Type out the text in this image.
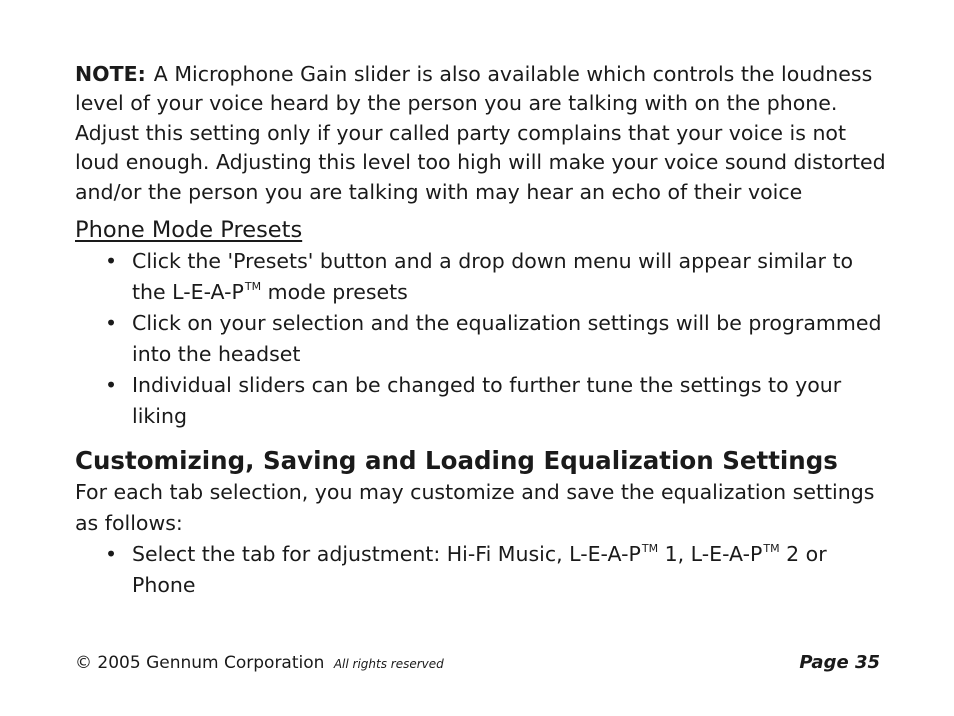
NOTE: A Microphone Gain slider is also available which controls the loudness level of your voice heard by the person you are talking with on the phone. Adjust this setting only if your called party complains that your voice is not loud enough. Adjusting this level too high will make your voice sound distorted and/or the person you are talking with may hear an echo of their voice

Phone Mode Presets
• Click the 'Presets' button and a drop down menu will appear similar to the L-E-A-P™ mode presets
• Click on your selection and the equalization settings will be programmed into the headset
• Individual sliders can be changed to further tune the settings to your liking
Customizing, Saving and Loading Equalization Settings

For each tab selection, you may customize and save the equalization settings as follows:

• Select the tab for adjustment: Hi-Fi Music, L-E-A-P™ 1, L-E-A-P™ 2 or Phone
© 2005 Gennum Corporation All rights reserved	Page 35
